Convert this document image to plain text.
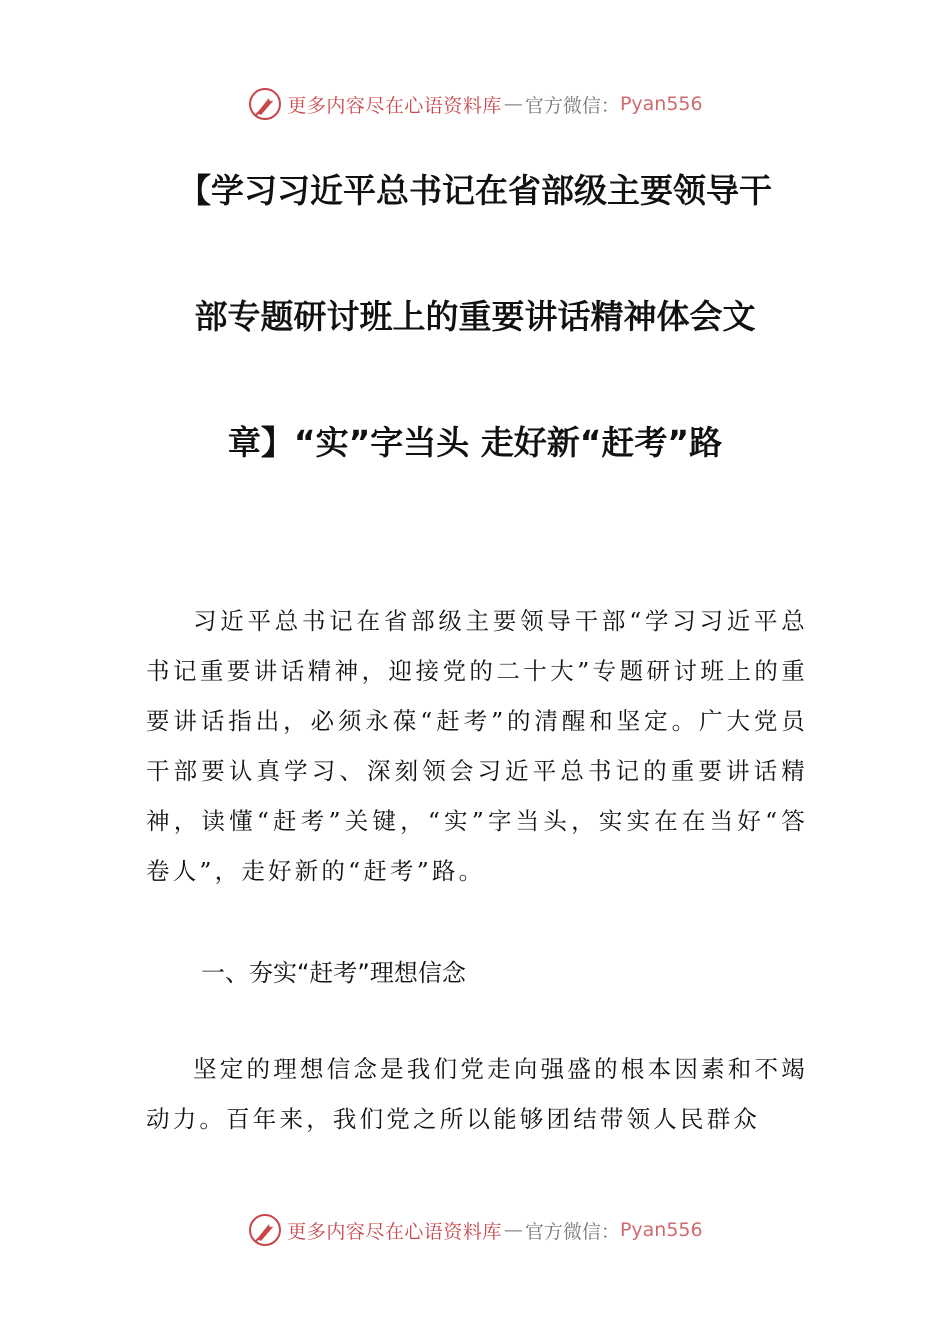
更多内容尽在心语资料库 — 官方微信： Pyan556
【学习习近平总书记在省部级主要领导干
部专题研讨班上的重要讲话精神体会文
章】“实”字当头 走好新“赶考”路

习近平总书记在省部级主要领导干部“学习习近平总书记重要讲话精神，迎接党的二十大”专题研讨班上的重要讲话指出，必须永葆“赶考”的清醒和坚定。广大党员干部要认真学习、深刻领会习近平总书记的重要讲话精神，读懂“赶考”关键，“实”字当头，实实在在当好“答卷人”，走好新的“赶考”路。

一、夯实“赶考”理想信念

坚定的理想信念是我们党走向强盛的根本因素和不竭动力。百年来，我们党之所以能够团结带领人民群众

更多内容尽在心语资料库 — 官方微信： Pyan556
